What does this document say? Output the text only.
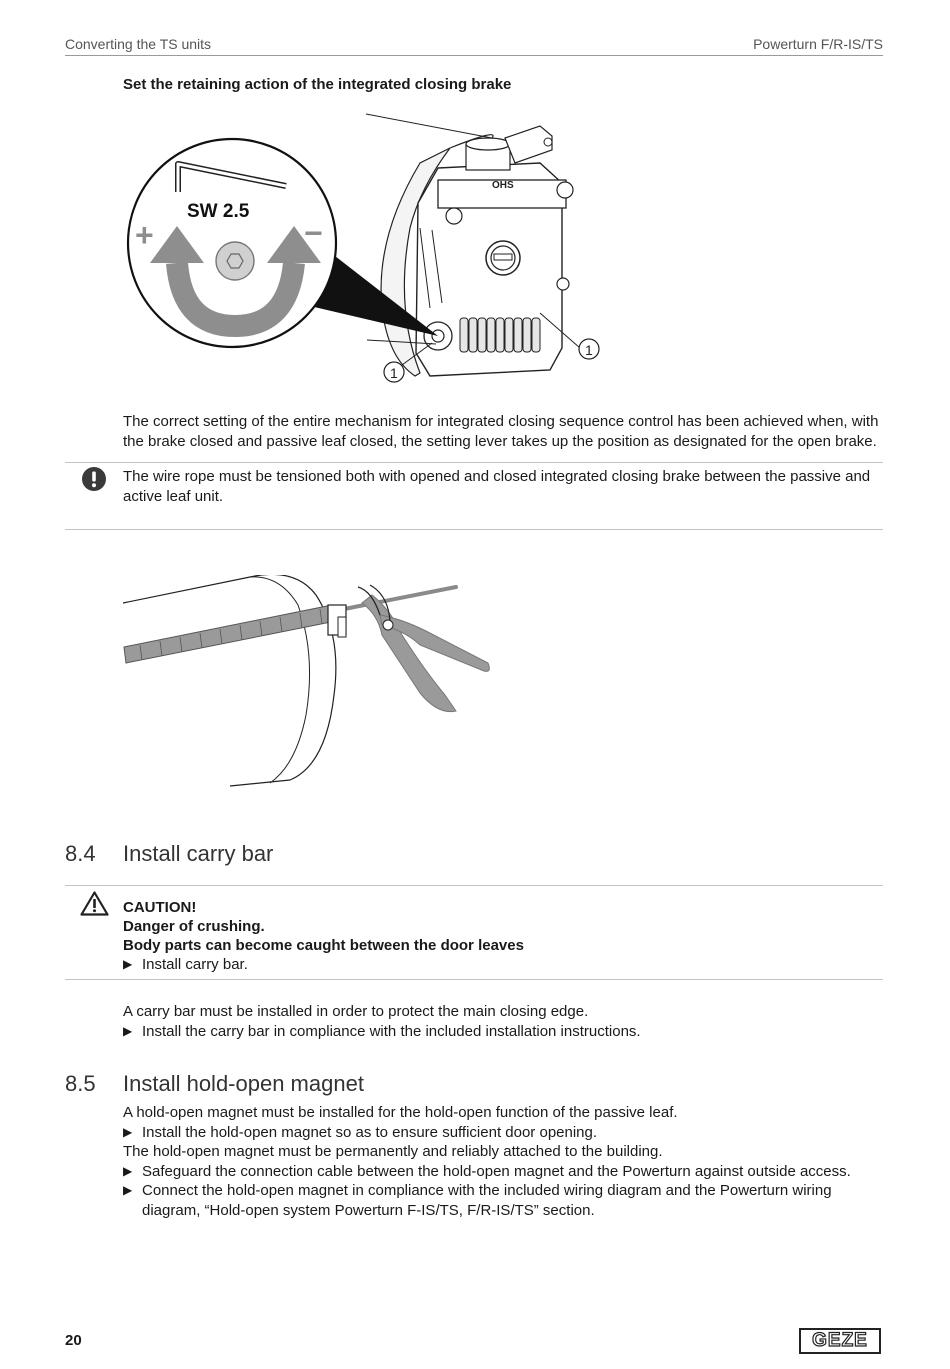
Converting the TS units	Powerturn F/R-IS/TS
Set the retaining action of the integrated closing brake
OHS
SW 2.5
+	−
1
1
The correct setting of the entire mechanism for integrated closing sequence control has been achieved when, with the brake closed and passive leaf closed, the setting lever takes up the position as designated for the open brake.
The wire rope must be tensioned both with opened and closed integrated closing brake between the passive and active leaf unit.
8.4 Install carry bar
CAUTION!
Danger of crushing.
Body parts can become caught between the door leaves
▶ Install carry bar.
A carry bar must be installed in order to protect the main closing edge.
▶ Install the carry bar in compliance with the included installation instructions.
8.5 Install hold-open magnet
A hold-open magnet must be installed for the hold-open function of the passive leaf.
▶ Install the hold-open magnet so as to ensure sufficient door opening.
The hold-open magnet must be permanently and reliably attached to the building.
▶ Safeguard the connection cable between the hold-open magnet and the Powerturn against outside access.
▶ Connect the hold-open magnet in compliance with the included wiring diagram and the Powerturn wiring diagram, “Hold-open system Powerturn F-IS/TS, F/R-IS/TS” section.
20	GEZE
